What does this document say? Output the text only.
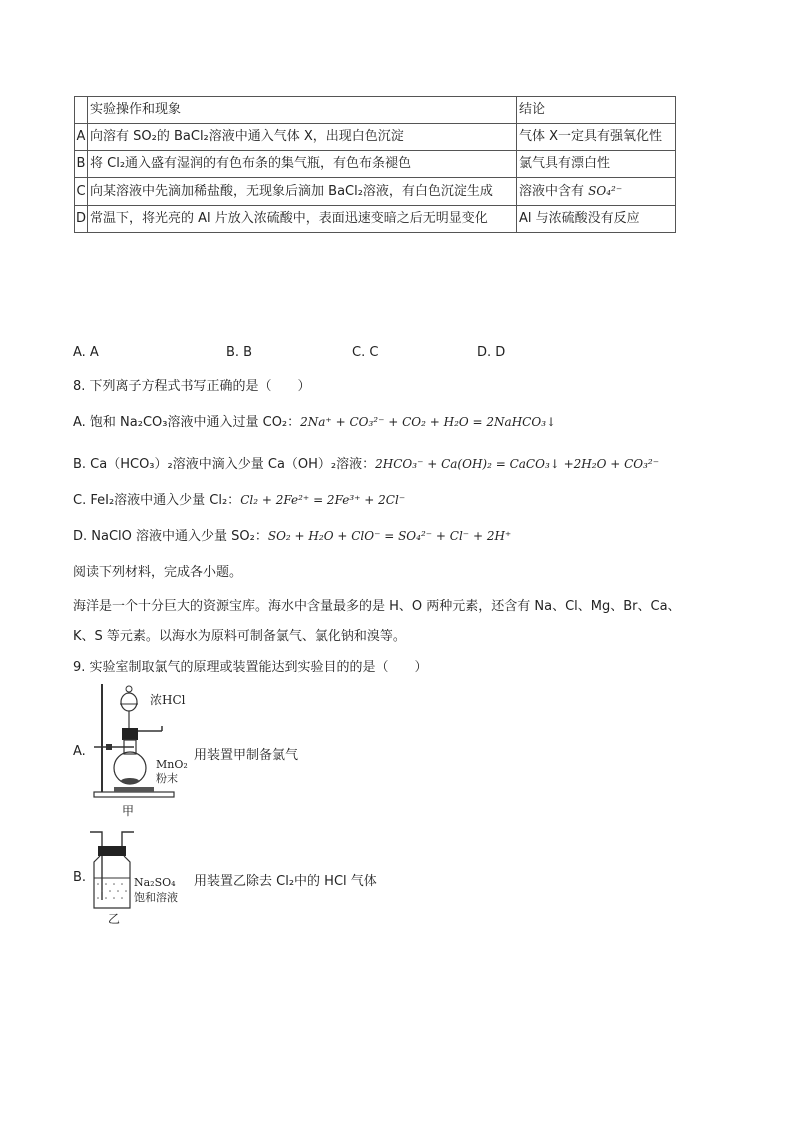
	实验操作和现象	结论
A	向溶有 SO₂的 BaCl₂溶液中通入气体 X，出现白色沉淀	气体 X一定具有强氧化性
B	将 Cl₂通入盛有湿润的有色布条的集气瓶，有色布条褪色	氯气具有漂白性
C	向某溶液中先滴加稀盐酸，无现象后滴加 BaCl₂溶液，有白色沉淀生成	溶液中含有 SO₄²⁻
D	常温下，将光亮的 Al 片放入浓硫酸中，表面迅速变暗之后无明显变化	Al 与浓硫酸没有反应
A. A	B. B	C. C	D. D
8. 下列离子方程式书写正确的是（　　）
A. 饱和 Na₂CO₃溶液中通入过量 CO₂：2Na⁺ + CO₃²⁻ + CO₂ + H₂O = 2NaHCO₃↓
B. Ca（HCO₃）₂溶液中滴入少量 Ca（OH）₂溶液：2HCO₃⁻ + Ca(OH)₂ = CaCO₃↓ +2H₂O + CO₃²⁻
C. FeI₂溶液中通入少量 Cl₂：Cl₂ + 2Fe²⁺ = 2Fe³⁺ + 2Cl⁻
D. NaClO 溶液中通入少量 SO₂：SO₂ + H₂O + ClO⁻ = SO₄²⁻ + Cl⁻ + 2H⁺
阅读下列材料，完成各小题。
海洋是一个十分巨大的资源宝库。海水中含量最多的是 H、O 两种元素，还含有 Na、Cl、Mg、Br、Ca、
K、S 等元素。以海水为原料可制备氯气、氯化钠和溴等。
9. 实验室制取氯气的原理或装置能达到实验目的的是（　　）
A.
浓HCl
MnO₂
粉末
甲
用装置甲制备氯气
B.	Na₂SO₄
饱和溶液
乙
用装置乙除去 Cl₂中的 HCl 气体
